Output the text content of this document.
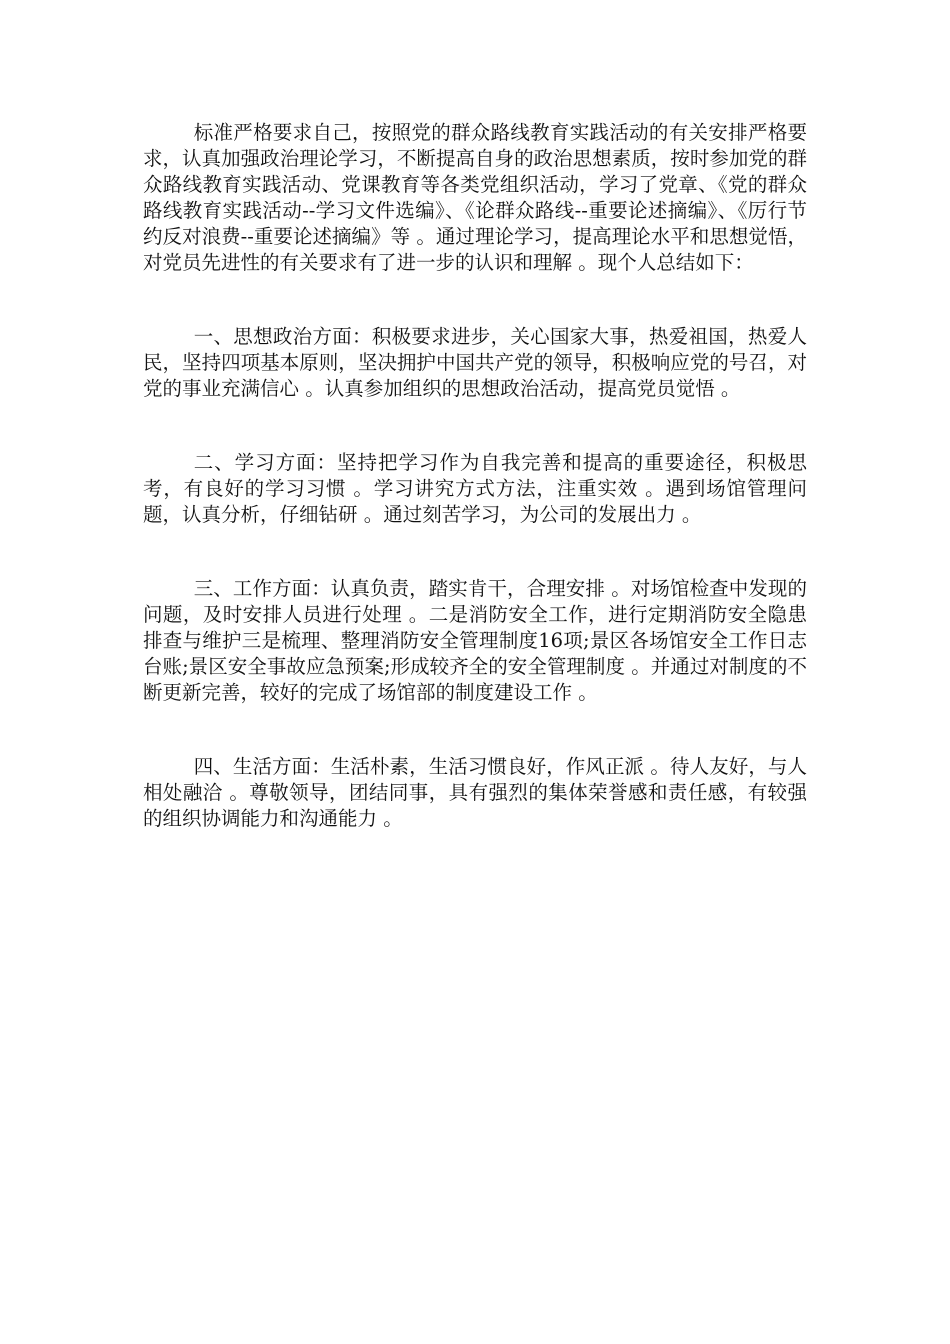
标准严格要求自己，按照党的群众路线教育实践活动的有关安排严格要求，认真加强政治理论学习，不断提高自身的政治思想素质，按时参加党的群众路线教育实践活动、党课教育等各类党组织活动，学习了党章、《党的群众路线教育实践活动--学习文件选编》、《论群众路线--重要论述摘编》、《厉行节约反对浪费--重要论述摘编》等 。通过理论学习，提高理论水平和思想觉悟，对党员先进性的有关要求有了进一步的认识和理解 。现个人总结如下：

一、思想政治方面：积极要求进步，关心国家大事，热爱祖国，热爱人民，坚持四项基本原则，坚决拥护中国共产党的领导，积极响应党的号召，对党的事业充满信心 。认真参加组织的思想政治活动，提高党员觉悟 。

二、学习方面：坚持把学习作为自我完善和提高的重要途径，积极思考，有良好的学习习惯 。学习讲究方式方法，注重实效 。遇到场馆管理问题，认真分析，仔细钻研 。通过刻苦学习，为公司的发展出力 。

三、工作方面：认真负责，踏实肯干，合理安排 。对场馆检查中发现的问题，及时安排人员进行处理 。二是消防安全工作，进行定期消防安全隐患排查与维护三是梳理、整理消防安全管理制度16项;景区各场馆安全工作日志台账;景区安全事故应急预案;形成较齐全的安全管理制度 。并通过对制度的不断更新完善，较好的完成了场馆部的制度建设工作 。

四、生活方面：生活朴素，生活习惯良好，作风正派 。待人友好，与人相处融洽 。尊敬领导，团结同事，具有强烈的集体荣誉感和责任感，有较强的组织协调能力和沟通能力 。
